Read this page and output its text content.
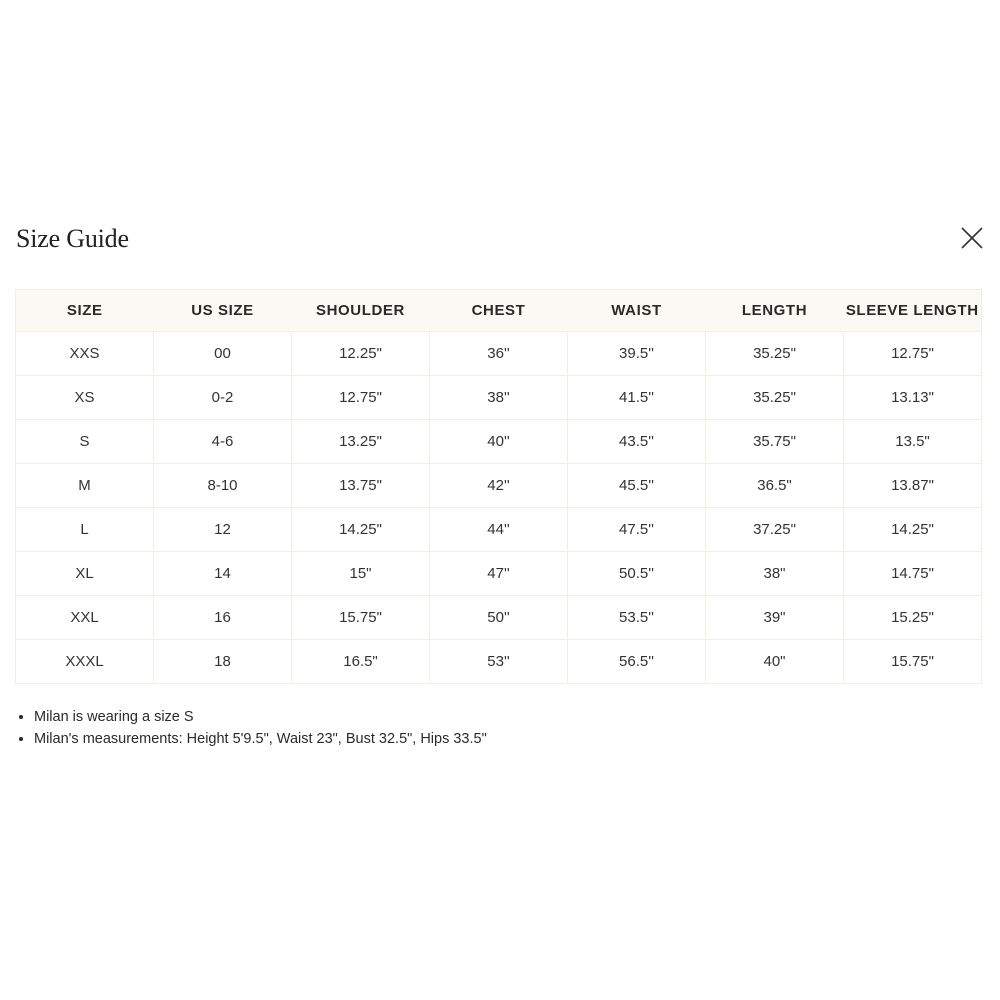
Size Guide
SIZE	US SIZE	SHOULDER	CHEST	WAIST	LENGTH	SLEEVE LENGTH
XXS	00	12.25"	36''	39.5''	35.25"	12.75"
XS	0-2	12.75"	38''	41.5''	35.25"	13.13"
S	4-6	13.25"	40''	43.5''	35.75"	13.5"
M	8-10	13.75"	42''	45.5''	36.5"	13.87"
L	12	14.25"	44''	47.5''	37.25"	14.25"
XL	14	15"	47''	50.5''	38"	14.75"
XXL	16	15.75"	50''	53.5''	39"	15.25"
XXXL	18	16.5"	53''	56.5''	40"	15.75"
• Milan is wearing a size S
• Milan's measurements: Height 5'9.5", Waist 23", Bust 32.5", Hips 33.5"
